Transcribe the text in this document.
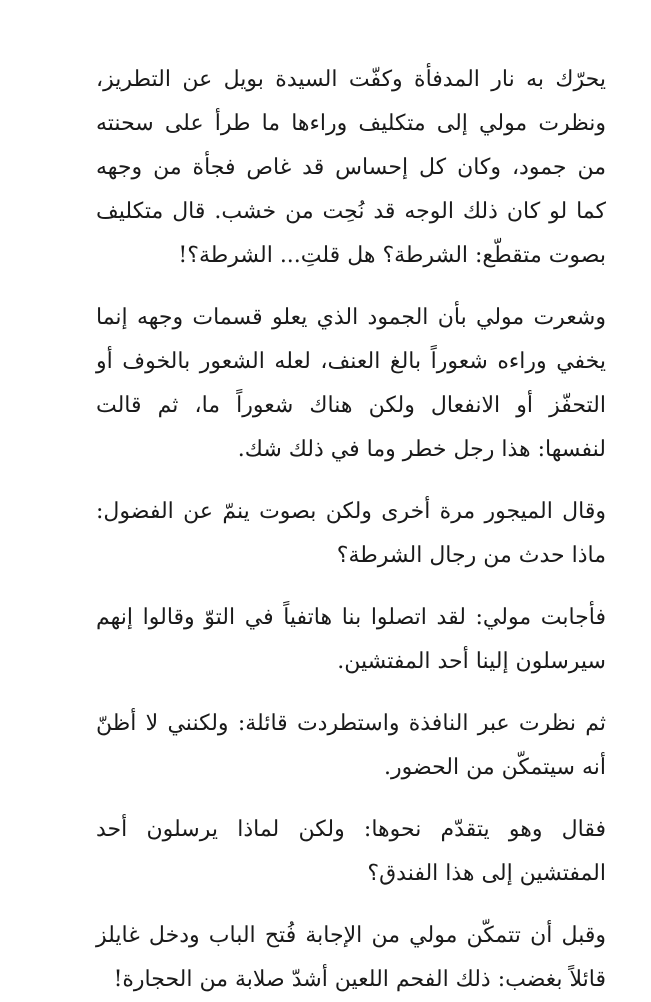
يحرّك به نار المدفأة وكفّت السيدة بويل عن التطريز، ونظرت مولي إلى متكليف وراءها ما طرأ على سحنته من جمود، وكان كل إحساس قد غاص فجأة من وجهه كما لو كان ذلك الوجه قد نُحِت من خشب. قال متكليف بصوت متقطّع: الشرطة؟ هل قلتِ... الشرطة؟!

وشعرت مولي بأن الجمود الذي يعلو قسمات وجهه إنما يخفي وراءه شعوراً بالغ العنف، لعله الشعور بالخوف أو التحفّز أو الانفعال ولكن هناك شعوراً ما، ثم قالت لنفسها: هذا رجل خطر وما في ذلك شك.

وقال الميجور مرة أخرى ولكن بصوت ينمّ عن الفضول: ماذا حدث من رجال الشرطة؟

فأجابت مولي: لقد اتصلوا بنا هاتفياً في التوّ وقالوا إنهم سيرسلون إلينا أحد المفتشين.

ثم نظرت عبر النافذة واستطردت قائلة: ولكنني لا أظنّ أنه سيتمكّن من الحضور.

فقال وهو يتقدّم نحوها: ولكن لماذا يرسلون أحد المفتشين إلى هذا الفندق؟

وقبل أن تتمكّن مولي من الإجابة فُتح الباب ودخل غايلز قائلاً بغضب: ذلك الفحم اللعين أشدّ صلابة من الحجارة!
